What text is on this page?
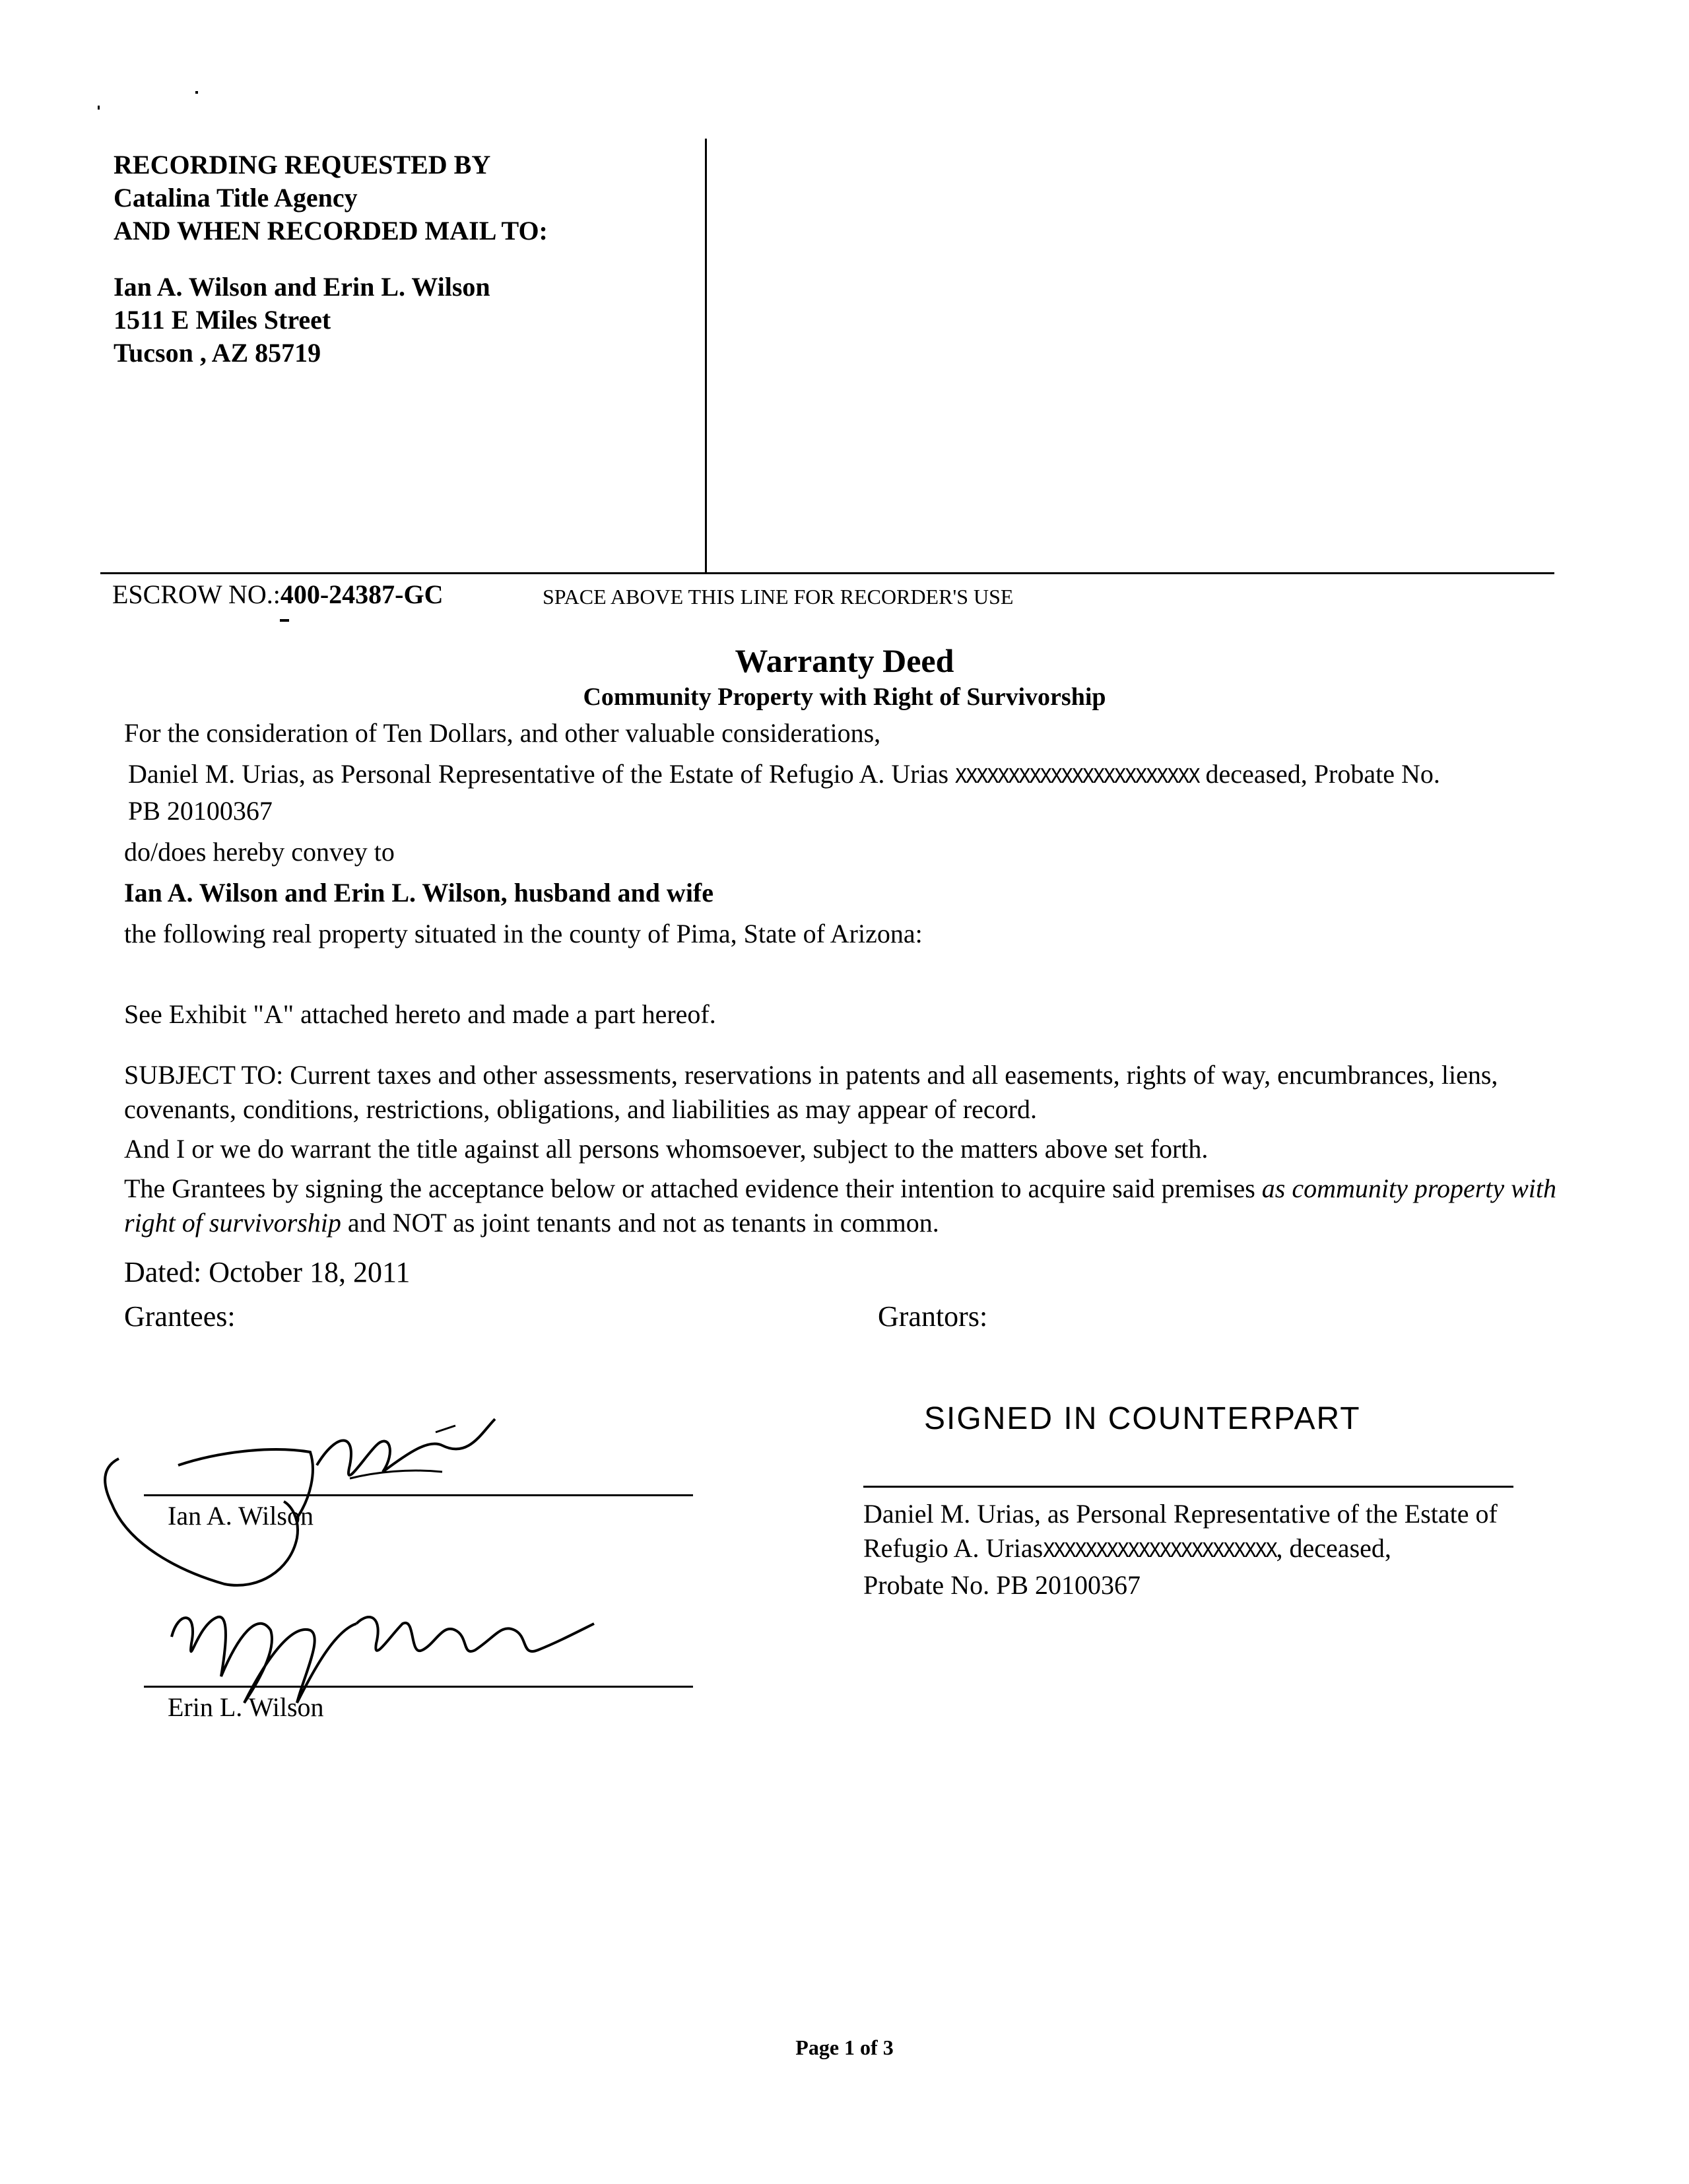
RECORDING REQUESTED BY
Catalina Title Agency
AND WHEN RECORDED MAIL TO:
Ian A. Wilson and Erin L. Wilson
1511 E Miles Street
Tucson , AZ 85719
ESCROW NO.:400-24387-GC	SPACE ABOVE THIS LINE FOR RECORDER'S USE
Warranty Deed
Community Property with Right of Survivorship

For the consideration of Ten Dollars, and other valuable considerations,

Daniel M. Urias, as Personal Representative of the Estate of Refugio A. Urias XXXXXXXXXXXXXXXXXXXXXXX deceased, Probate No.
PB 20100367

do/does hereby convey to

Ian A. Wilson and Erin L. Wilson, husband and wife

the following real property situated in the county of Pima, State of Arizona:

See Exhibit "A" attached hereto and made a part hereof.

SUBJECT TO: Current taxes and other assessments, reservations in patents and all easements, rights of way, encumbrances, liens, covenants, conditions, restrictions, obligations, and liabilities as may appear of record.

And I or we do warrant the title against all persons whomsoever, subject to the matters above set forth.

The Grantees by signing the acceptance below or attached evidence their intention to acquire said premises as community property with right of survivorship and NOT as joint tenants and not as tenants in common.

Dated: October 18, 2011
Grantees:	Grantors:
SIGNED IN COUNTERPART
Ian A. Wilson
Erin L. Wilson
Daniel M. Urias, as Personal Representative of the Estate of
Refugio A. UriasXXXXXXXXXXXXXXXXXXXXXX, deceased,
Probate No. PB 20100367
Page 1 of 3
